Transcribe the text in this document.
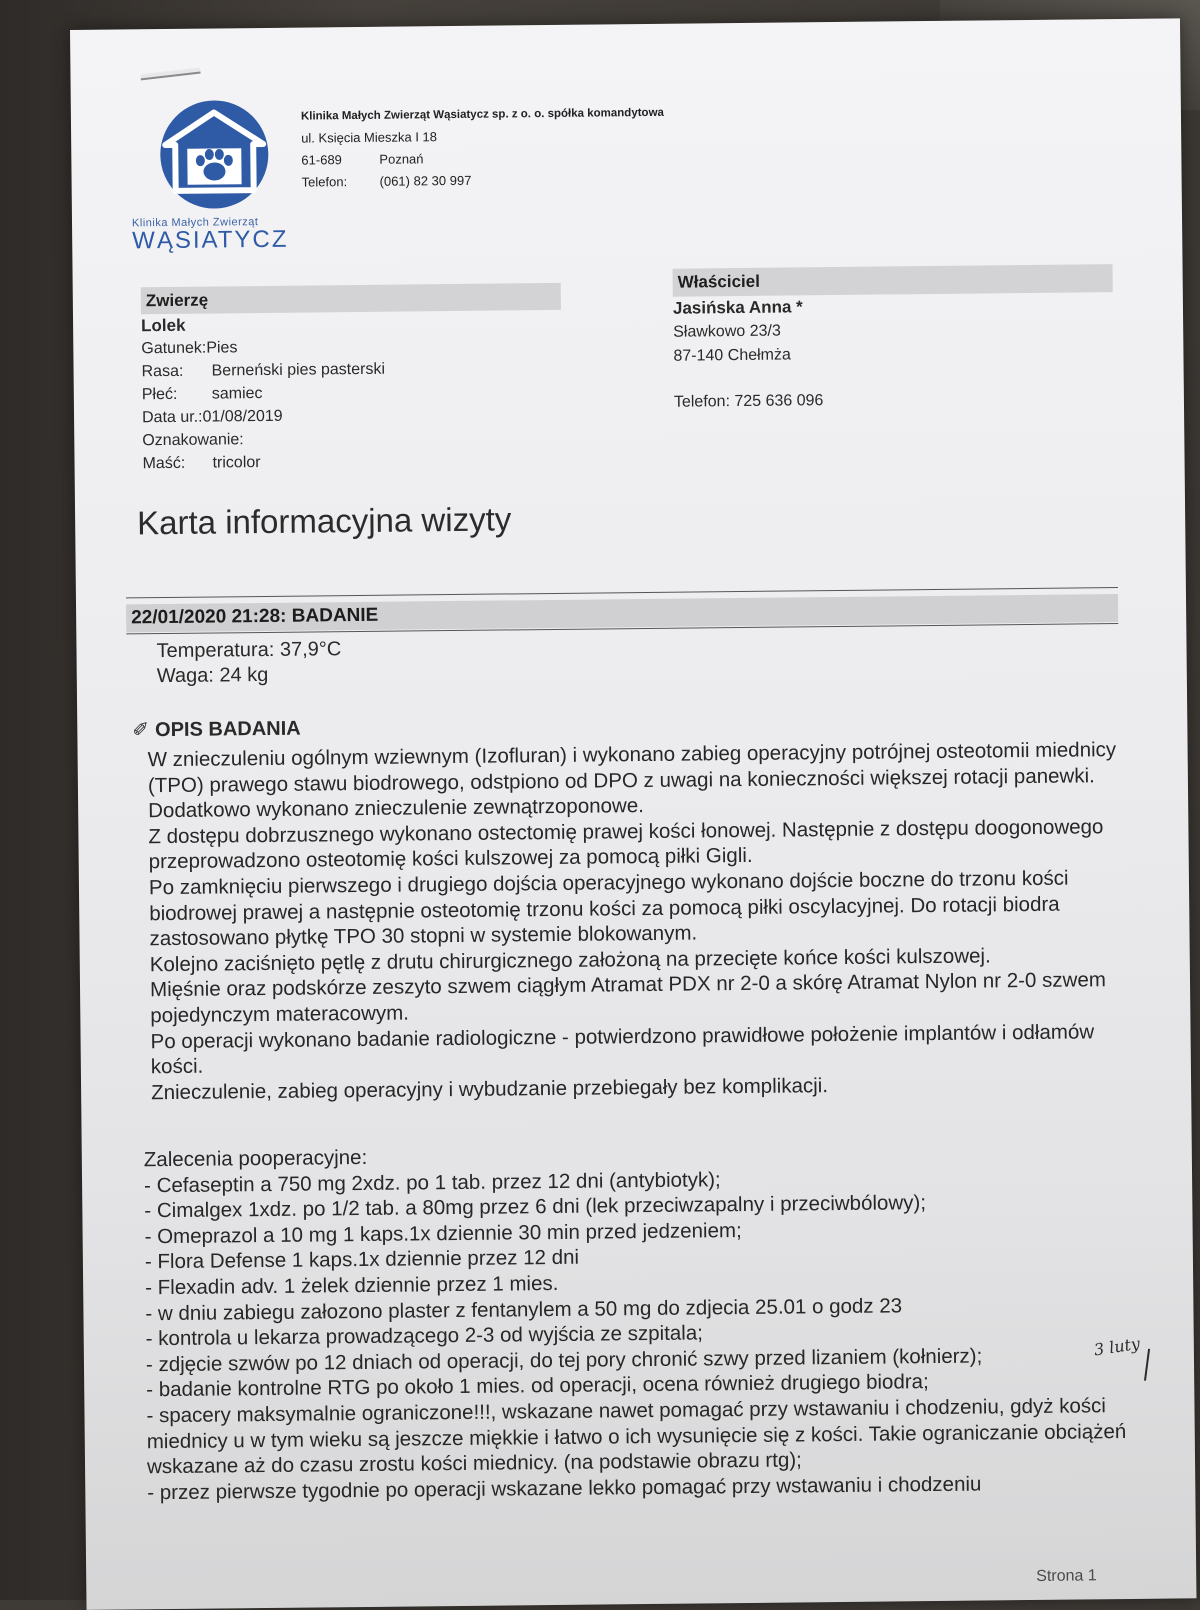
Klinika Małych Zwierząt
WĄSIATYCZ
Klinika Małych Zwierząt Wąsiatycz sp. z o. o. spółka komandytowa
ul. Księcia Mieszka I 18
61-689	Poznań
Telefon: (061) 82 30 997
Zwierzę
Lolek
Gatunek:Pies
Rasa: Berneński pies pasterski
Płeć: samiec
Data ur.:01/08/2019
Oznakowanie:
Maść: tricolor
Właściciel
Jasińska Anna *
Sławkowo 23/3
87-140 Chełmża
Telefon: 725 636 096
Karta informacyjna wizyty
22/01/2020 21:28: BADANIE
Temperatura: 37,9°C
Waga: 24 kg
✐ OPIS BADANIA

W znieczuleniu ogólnym wziewnym (Izofluran) i wykonano zabieg operacyjny potrójnej osteotomii miednicy (TPO) prawego stawu biodrowego, odstpiono od DPO z uwagi na konieczności większej rotacji panewki.

Dodatkowo wykonano znieczulenie zewnątrzoponowe.

Z dostępu dobrzusznego wykonano ostectomię prawej kości łonowej. Następnie z dostępu doogonowego przeprowadzono osteotomię kości kulszowej za pomocą piłki Gigli.

Po zamknięciu pierwszego i drugiego dojścia operacyjnego wykonano dojście boczne do trzonu kości biodrowej prawej a następnie osteotomię trzonu kości za pomocą piłki oscylacyjnej. Do rotacji biodra zastosowano płytkę TPO 30 stopni w systemie blokowanym.

Kolejno zaciśnięto pętlę z drutu chirurgicznego założoną na przecięte końce kości kulszowej.

Mięśnie oraz podskórze zeszyto szwem ciągłym Atramat PDX nr 2-0 a skórę Atramat Nylon nr 2-0 szwem pojedynczym materacowym.

Po operacji wykonano badanie radiologiczne - potwierdzono prawidłowe położenie implantów i odłamów kości.

Znieczulenie, zabieg operacyjny i wybudzanie przebiegały bez komplikacji.

Zalecenia pooperacyjne:

- Cefaseptin a 750 mg 2xdz. po 1 tab. przez 12 dni (antybiotyk);

- Cimalgex 1xdz. po 1/2 tab. a 80mg przez 6 dni (lek przeciwzapalny i przeciwbólowy);

- Omeprazol a 10 mg 1 kaps.1x dziennie 30 min przed jedzeniem;

- Flora Defense 1 kaps.1x dziennie przez 12 dni

- Flexadin adv. 1 żelek dziennie przez 1 mies.

- w dniu zabiegu załozono plaster z fentanylem a 50 mg do zdjecia 25.01 o godz 23

- kontrola u lekarza prowadzącego 2-3 od wyjścia ze szpitala;

- zdjęcie szwów po 12 dniach od operacji, do tej pory chronić szwy przed lizaniem (kołnierz);

- badanie kontrolne RTG po około 1 mies. od operacji, ocena również drugiego biodra;

- spacery maksymalnie ograniczone!!!, wskazane nawet pomagać przy wstawaniu i chodzeniu, gdyż kości miednicy u w tym wieku są jeszcze miękkie i łatwo o ich wysunięcie się z kości. Takie ograniczanie obciążeń wskazane aż do czasu zrostu kości miednicy. (na podstawie obrazu rtg);

- przez pierwsze tygodnie po operacji wskazane lekko pomagać przy wstawaniu i chodzeniu

3 luty
Strona 1
